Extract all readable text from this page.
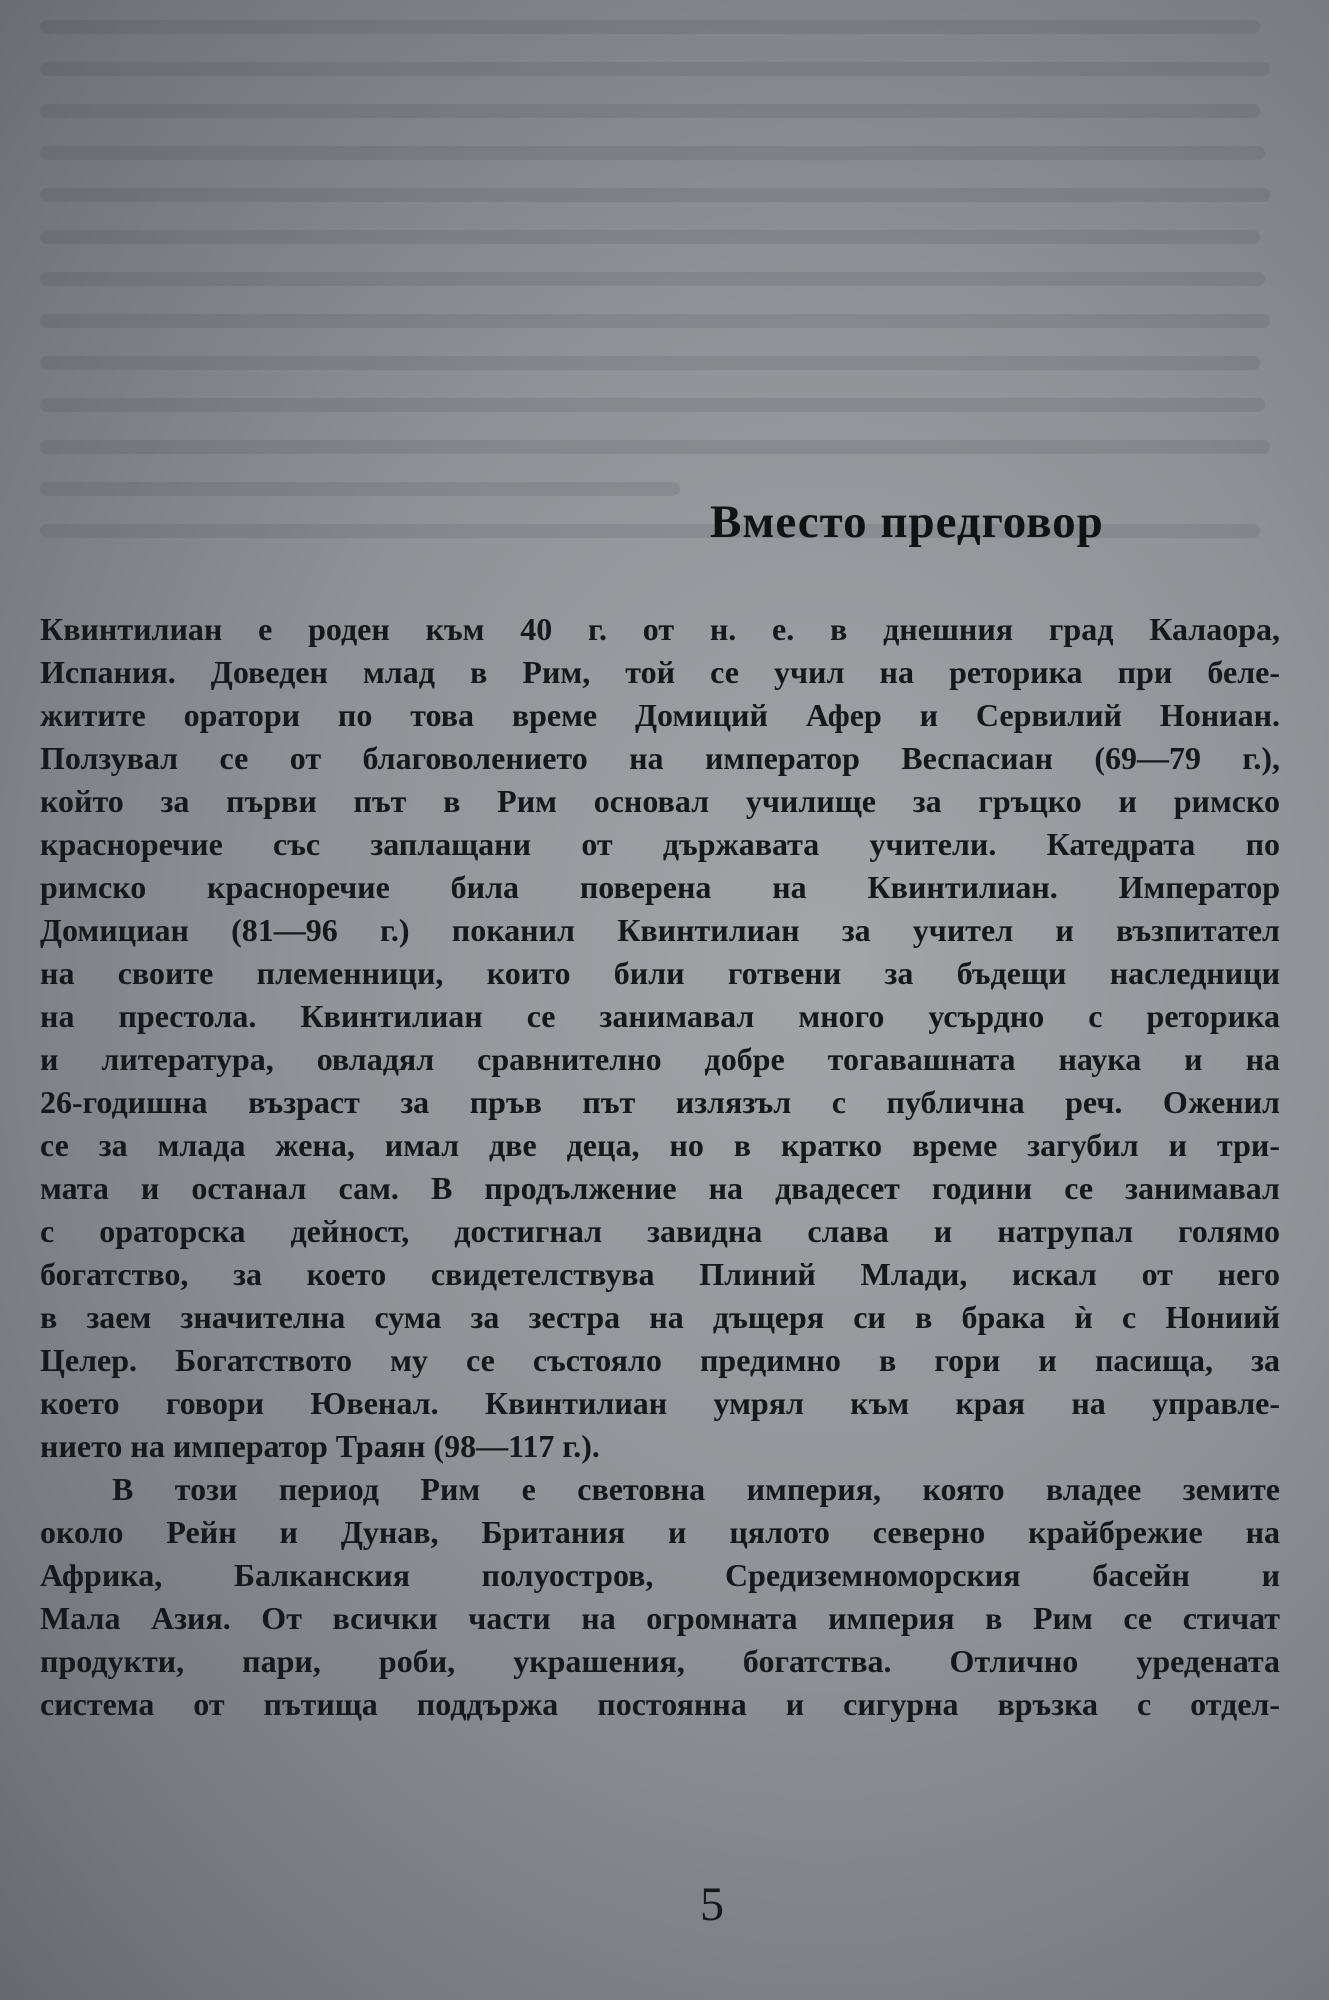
Вместо предговор
Квинтилиан е роден към 40 г. от н. е. в днешния град Калаора,
Испания. Доведен млад в Рим, той се учил на реторика при беле-
житите оратори по това време Домиций Афер и Сервилий Нониан.
Ползувал се от благоволението на император Веспасиан (69—79 г.),
който за първи път в Рим основал училище за гръцко и римско
красноречие със заплащани от държавата учители. Катедрата по
римско красноречие била поверена на Квинтилиан. Император
Домициан (81—96 г.) поканил Квинтилиан за учител и възпитател
на своите племенници, които били готвени за бъдещи наследници
на престола. Квинтилиан се занимавал много усърдно с реторика
и литература, овладял сравнително добре тогавашната наука и на
26-годишна възраст за пръв път излязъл с публична реч. Оженил
се за млада жена, имал две деца, но в кратко време загубил и три-
мата и останал сам. В продължение на двадесет години се занимавал
с ораторска дейност, достигнал завидна слава и натрупал голямо
богатство, за което свидетелствува Плиний Млади, искал от него
в заем значителна сума за зестра на дъщеря си в брака ѝ с Нониий
Целер. Богатството му се състояло предимно в гори и пасища, за
което говори Ювенал. Квинтилиан умрял към края на управле-
нието на император Траян (98—117 г.).
В този период Рим е световна империя, която владее земите
около Рейн и Дунав, Британия и цялото северно крайбрежие на
Африка, Балканския полуостров, Средиземноморския басейн и
Мала Азия. От всички части на огромната империя в Рим се стичат
продукти, пари, роби, украшения, богатства. Отлично уредената
система от пътища поддържа постоянна и сигурна връзка с отдел-
5
